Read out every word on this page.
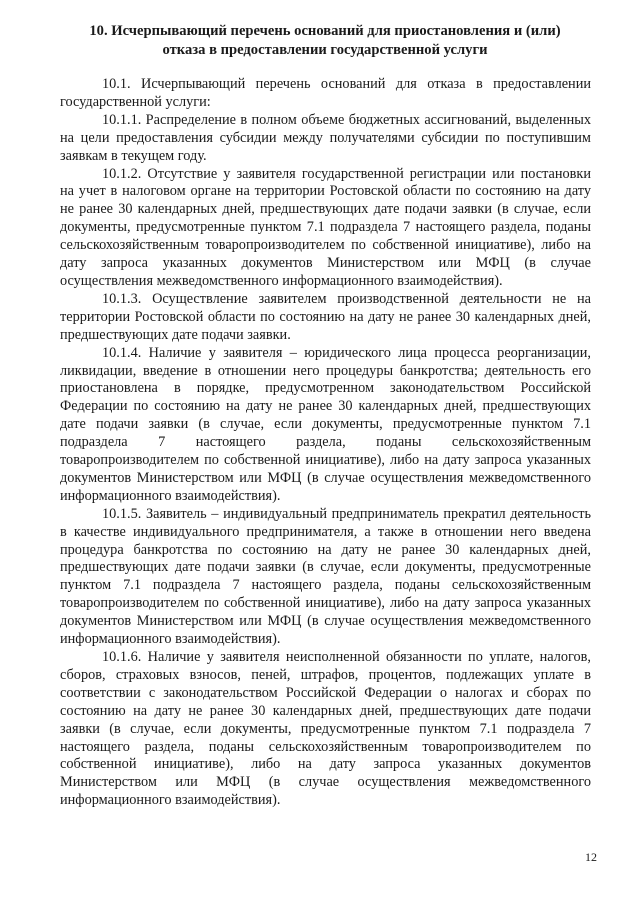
10. Исчерпывающий перечень оснований для приостановления и (или)
отказа в предоставлении государственной услуги

10.1. Исчерпывающий перечень оснований для отказа в предоставлении государственной услуги:

10.1.1. Распределение в полном объеме бюджетных ассигнований, выделенных на цели предоставления субсидии между получателями субсидии по поступившим заявкам в текущем году.

10.1.2. Отсутствие у заявителя государственной регистрации или постановки на учет в налоговом органе на территории Ростовской области по состоянию на дату не ранее 30 календарных дней, предшествующих дате подачи заявки (в случае, если документы, предусмотренные пунктом 7.1 подраздела 7 настоящего раздела, поданы сельскохозяйственным товаропроизводителем по собственной инициативе), либо на дату запроса указанных документов Министерством или МФЦ (в случае осуществления межведомственного информационного взаимодействия).

10.1.3. Осуществление заявителем производственной деятельности не на территории Ростовской области по состоянию на дату не ранее 30 календарных дней, предшествующих дате подачи заявки.

10.1.4. Наличие у заявителя – юридического лица процесса реорганизации, ликвидации, введение в отношении него процедуры банкротства; деятельность его приостановлена в порядке, предусмотренном законодательством Российской Федерации по состоянию на дату не ранее 30 календарных дней, предшествующих дате подачи заявки (в случае, если документы, предусмотренные пунктом 7.1 подраздела 7 настоящего раздела, поданы сельскохозяйственным товаропроизводителем по собственной инициативе), либо на дату запроса указанных документов Министерством или МФЦ (в случае осуществления межведомственного информационного взаимодействия).

10.1.5. Заявитель – индивидуальный предприниматель прекратил деятельность в качестве индивидуального предпринимателя, а также в отношении него введена процедура банкротства по состоянию на дату не ранее 30 календарных дней, предшествующих дате подачи заявки (в случае, если документы, предусмотренные пунктом 7.1 подраздела 7 настоящего раздела, поданы сельскохозяйственным товаропроизводителем по собственной инициативе), либо на дату запроса указанных документов Министерством или МФЦ (в случае осуществления межведомственного информационного взаимодействия).

10.1.6. Наличие у заявителя неисполненной обязанности по уплате, налогов, сборов, страховых взносов, пеней, штрафов, процентов, подлежащих уплате в соответствии с законодательством Российской Федерации о налогах и сборах по состоянию на дату не ранее 30 календарных дней, предшествующих дате подачи заявки (в случае, если документы, предусмотренные пунктом 7.1 подраздела 7 настоящего раздела, поданы сельскохозяйственным товаропроизводителем по собственной инициативе), либо на дату запроса указанных документов Министерством или МФЦ (в случае осуществления межведомственного информационного взаимодействия).

12
